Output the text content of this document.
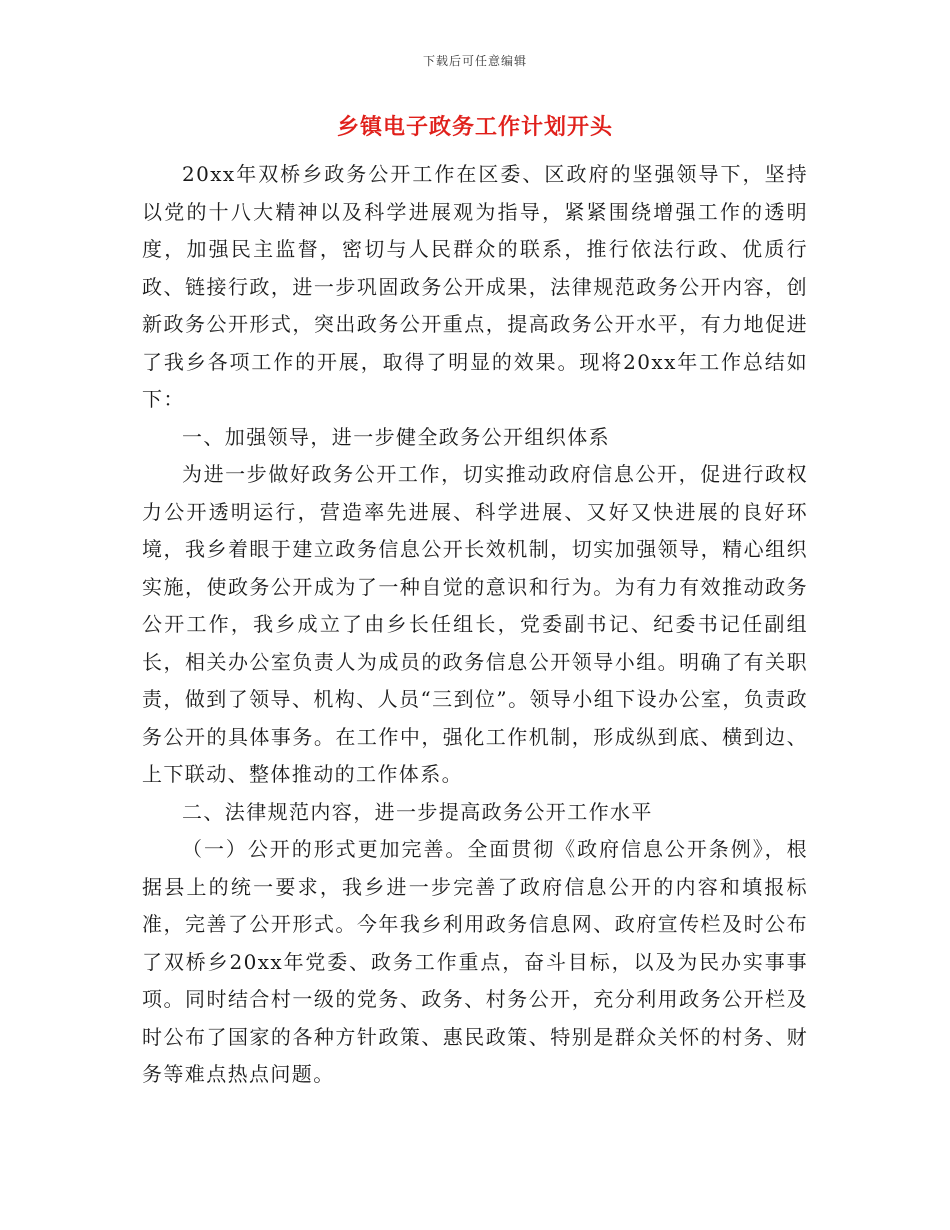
下载后可任意编辑
乡镇电子政务工作计划开头

20xx年双桥乡政务公开工作在区委、区政府的坚强领导下，坚持以党的十八大精神以及科学进展观为指导，紧紧围绕增强工作的透明度，加强民主监督，密切与人民群众的联系，推行依法行政、优质行政、链接行政，进一步巩固政务公开成果，法律规范政务公开内容，创新政务公开形式，突出政务公开重点，提高政务公开水平，有力地促进了我乡各项工作的开展，取得了明显的效果。现将20xx年工作总结如下：

一、加强领导，进一步健全政务公开组织体系

为进一步做好政务公开工作，切实推动政府信息公开，促进行政权力公开透明运行，营造率先进展、科学进展、又好又快进展的良好环境，我乡着眼于建立政务信息公开长效机制，切实加强领导，精心组织实施，使政务公开成为了一种自觉的意识和行为。为有力有效推动政务公开工作，我乡成立了由乡长任组长，党委副书记、纪委书记任副组长，相关办公室负责人为成员的政务信息公开领导小组。明确了有关职责，做到了领导、机构、人员“三到位”。领导小组下设办公室，负责政务公开的具体事务。在工作中，强化工作机制，形成纵到底、横到边、上下联动、整体推动的工作体系。

二、法律规范内容，进一步提高政务公开工作水平

（一）公开的形式更加完善。全面贯彻《政府信息公开条例》，根据县上的统一要求，我乡进一步完善了政府信息公开的内容和填报标准，完善了公开形式。今年我乡利用政务信息网、政府宣传栏及时公布了双桥乡20xx年党委、政务工作重点，奋斗目标，以及为民办实事事项。同时结合村一级的党务、政务、村务公开，充分利用政务公开栏及时公布了国家的各种方针政策、惠民政策、特别是群众关怀的村务、财务等难点热点问题。
